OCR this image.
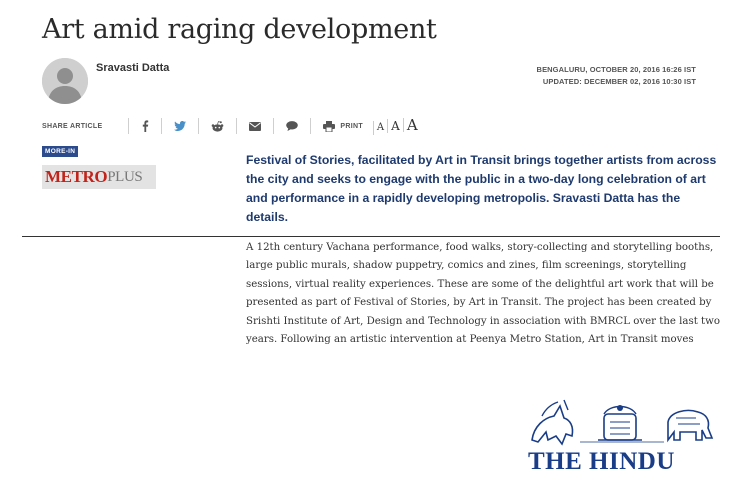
Art amid raging development
Sravasti Datta	BENGALURU, OCTOBER 20, 2016 16:26 IST
UPDATED: DECEMBER 02, 2016 10:30 IST
SHARE ARTICLE	PRINT	A A A
MORE-IN
METRO PLUS

Festival of Stories, facilitated by Art in Transit brings together artists from across the city and seeks to engage with the public in a two-day long celebration of art and performance in a rapidly developing metropolis. Sravasti Datta has the details.

A 12th century Vachana performance, food walks, story-collecting and storytelling booths, large public murals, shadow puppetry, comics and zines, film screenings, storytelling sessions, virtual reality experiences. These are some of the delightful art work that will be presented as part of Festival of Stories, by Art in Transit. The project has been created by Srishti Institute of Art, Design and Technology in association with BMRCL over the last two years. Following an artistic intervention at Peenya Metro Station, Art in Transit moves

THE HINDU
